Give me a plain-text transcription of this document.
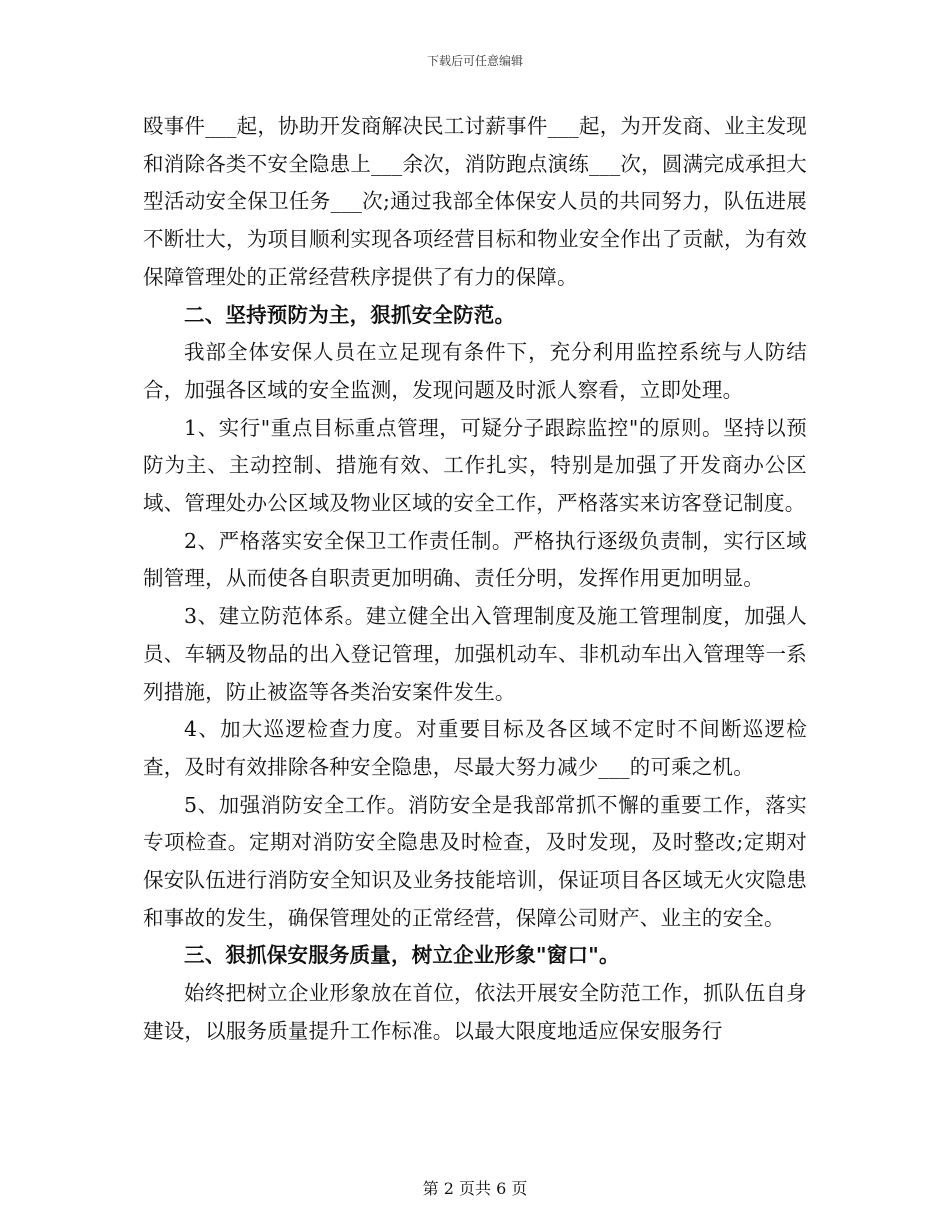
下载后可任意编辑

殴事件___起，协助开发商解决民工讨薪事件___起，为开发商、业主发现和消除各类不安全隐患上___余次，消防跑点演练___次，圆满完成承担大型活动安全保卫任务___次;通过我部全体保安人员的共同努力，队伍进展不断壮大，为项目顺利实现各项经营目标和物业安全作出了贡献，为有效保障管理处的正常经营秩序提供了有力的保障。

二、坚持预防为主，狠抓安全防范。

我部全体安保人员在立足现有条件下，充分利用监控系统与人防结合，加强各区域的安全监测，发现问题及时派人察看，立即处理。

1、实行"重点目标重点管理，可疑分子跟踪监控"的原则。坚持以预防为主、主动控制、措施有效、工作扎实，特别是加强了开发商办公区域、管理处办公区域及物业区域的安全工作，严格落实来访客登记制度。

2、严格落实安全保卫工作责任制。严格执行逐级负责制，实行区域制管理，从而使各自职责更加明确、责任分明，发挥作用更加明显。

3、建立防范体系。建立健全出入管理制度及施工管理制度，加强人员、车辆及物品的出入登记管理，加强机动车、非机动车出入管理等一系列措施，防止被盗等各类治安案件发生。

4、加大巡逻检查力度。对重要目标及各区域不定时不间断巡逻检查，及时有效排除各种安全隐患，尽最大努力减少___的可乘之机。

5、加强消防安全工作。消防安全是我部常抓不懈的重要工作，落实专项检查。定期对消防安全隐患及时检查，及时发现，及时整改;定期对保安队伍进行消防安全知识及业务技能培训，保证项目各区域无火灾隐患和事故的发生，确保管理处的正常经营，保障公司财产、业主的安全。

三、狠抓保安服务质量，树立企业形象"窗口"。

始终把树立企业形象放在首位，依法开展安全防范工作，抓队伍自身建设，以服务质量提升工作标准。以最大限度地适应保安服务行

第 2 页共 6 页
